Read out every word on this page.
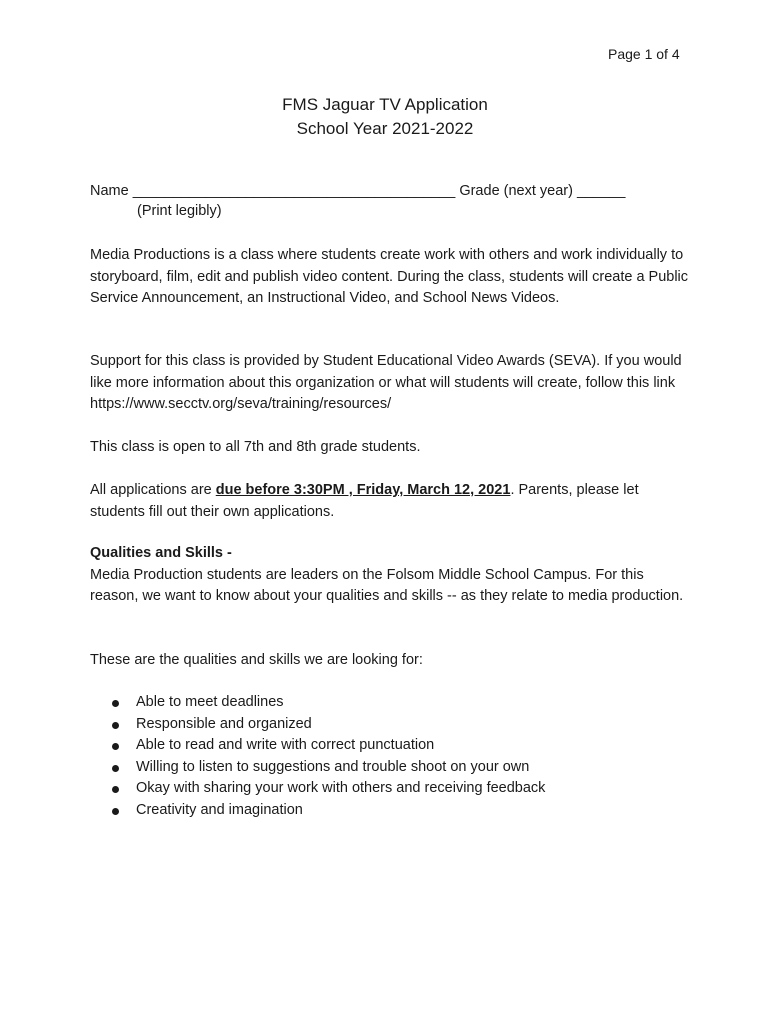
Page 1 of 4
FMS Jaguar TV Application
School Year 2021-2022
Name ________________________________________ Grade (next year) ______
(Print legibly)
Media Productions is a class where students create work with others and work individually to storyboard, film, edit and publish video content. During the class, students will create a Public Service Announcement, an Instructional Video, and School News Videos.
Support for this class is provided by Student Educational Video Awards (SEVA). If you would like more information about this organization or what will students will create, follow this link https://www.secctv.org/seva/training/resources/
This class is open to all 7th and 8th grade students.
All applications are due before 3:30PM , Friday, March 12, 2021. Parents, please let students fill out their own applications.
Qualities and Skills -
Media Production students are leaders on the Folsom Middle School Campus. For this reason, we want to know about your qualities and skills -- as they relate to media production.
These are the qualities and skills we are looking for:
Able to meet deadlines
Responsible and organized
Able to read and write with correct punctuation
Willing to listen to suggestions and trouble shoot on your own
Okay with sharing your work with others and receiving feedback
Creativity and imagination
